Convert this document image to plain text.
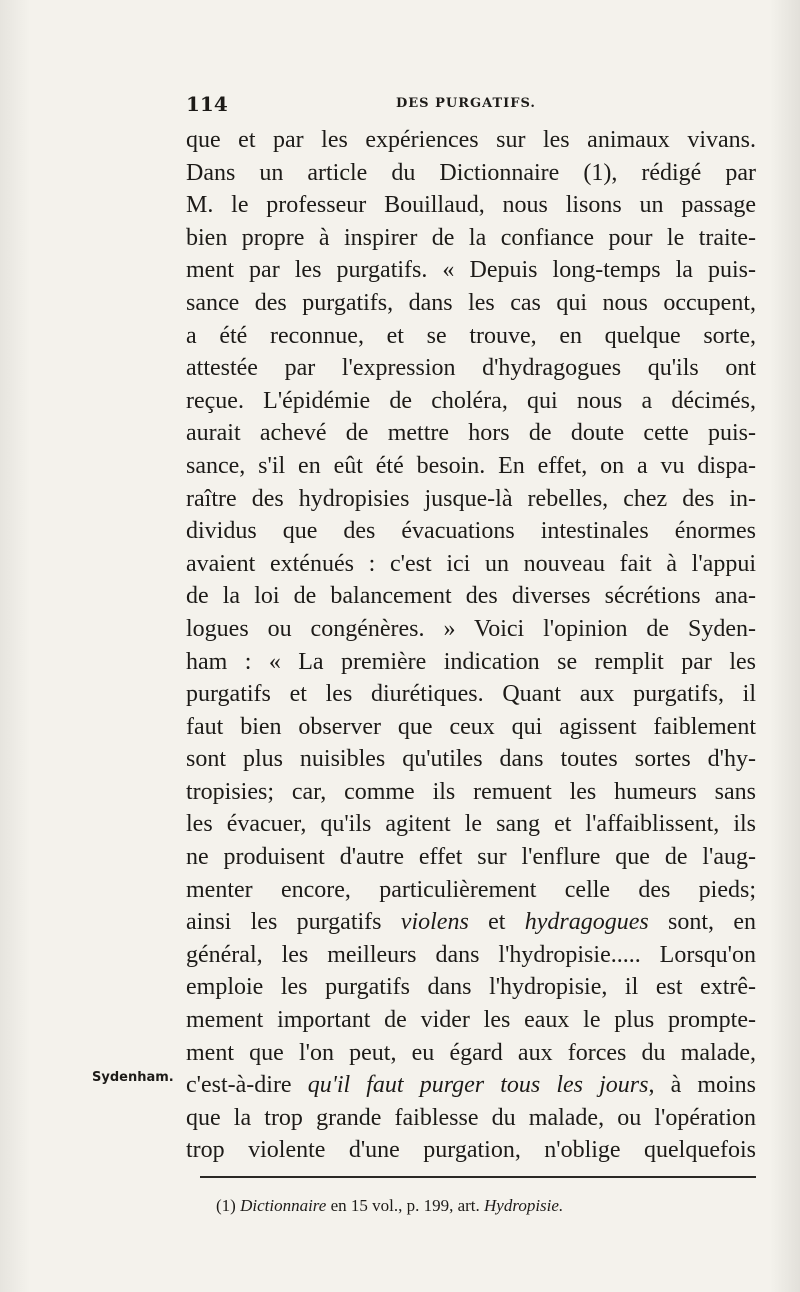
114	DES PURGATIFS.
que et par les expériences sur les animaux vivans.
Dans un article du Dictionnaire (1), rédigé par
M. le professeur Bouillaud, nous lisons un passage
bien propre à inspirer de la confiance pour le traite-
ment par les purgatifs. « Depuis long-temps la puis-
sance des purgatifs, dans les cas qui nous occupent,
a été reconnue, et se trouve, en quelque sorte,
attestée par l'expression d'hydragogues qu'ils ont
reçue. L'épidémie de choléra, qui nous a décimés,
aurait achevé de mettre hors de doute cette puis-
sance, s'il en eût été besoin. En effet, on a vu dispa-
raître des hydropisies jusque-là rebelles, chez des in-
dividus que des évacuations intestinales énormes
avaient exténués : c'est ici un nouveau fait à l'appui
de la loi de balancement des diverses sécrétions ana-
logues ou congénères. » Voici l'opinion de Syden-
ham : « La première indication se remplit par les
purgatifs et les diurétiques. Quant aux purgatifs, il
faut bien observer que ceux qui agissent faiblement
sont plus nuisibles qu'utiles dans toutes sortes d'hy-
tropisies; car, comme ils remuent les humeurs sans
les évacuer, qu'ils agitent le sang et l'affaiblissent, ils
ne produisent d'autre effet sur l'enflure que de l'aug-
menter encore, particulièrement celle des pieds;
ainsi les purgatifs violens et hydragogues sont, en
général, les meilleurs dans l'hydropisie..... Lorsqu'on
emploie les purgatifs dans l'hydropisie, il est extrê-
mement important de vider les eaux le plus prompte-
ment que l'on peut, eu égard aux forces du malade,
c'est-à-dire qu'il faut purger tous les jours, à moins
que la trop grande faiblesse du malade, ou l'opération
trop violente d'une purgation, n'oblige quelquefois
Sydenham.
(1) Dictionnaire en 15 vol., p. 199, art. Hydropisie.
